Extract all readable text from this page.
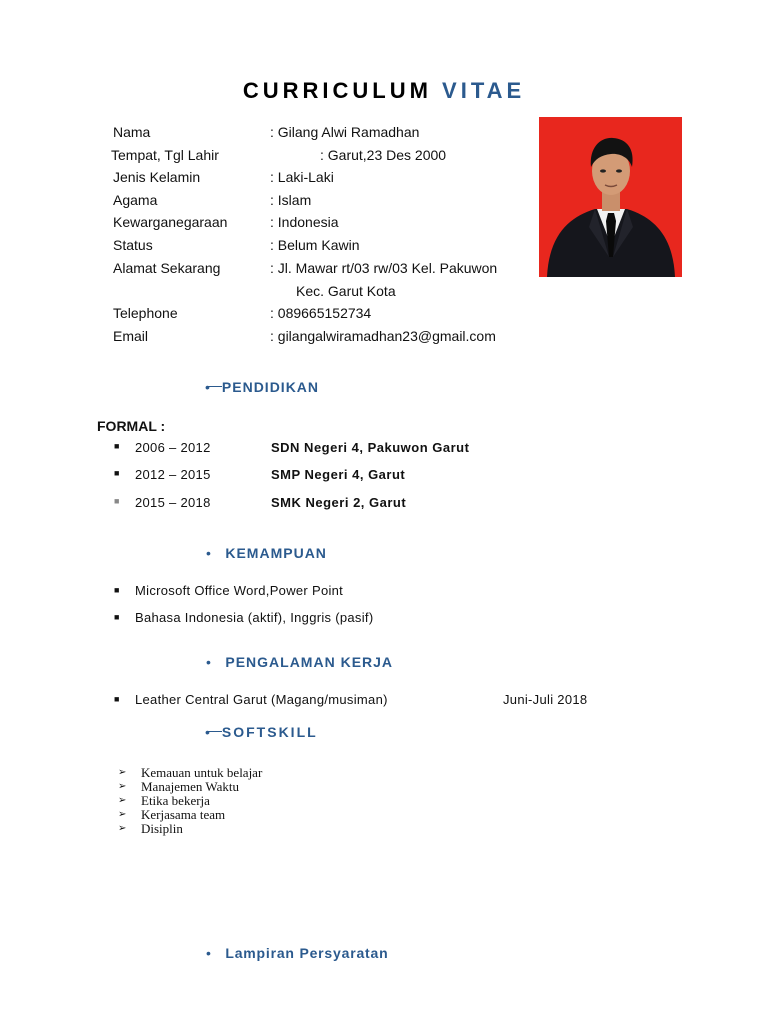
CURRICULUM VITAE
Nama	: Gilang Alwi Ramadhan
Tempat, Tgl Lahir	: Garut,23 Des 2000
Jenis Kelamin	: Laki-Laki
Agama	: Islam
Kewarganegaraan	: Indonesia
Status	: Belum Kawin
Alamat Sekarang	: Jl. Mawar rt/03 rw/03 Kel. Pakuwon
Kec. Garut Kota
Telephone	: 089665152734
Email	: gilangalwiramadhan23@gmail.com
• PENDIDIKAN
FORMAL :
■ 2006 – 2012	SDN Negeri 4, Pakuwon Garut
■ 2012 – 2015	SMP Negeri 4, Garut
■ 2015 – 2018	SMK Negeri 2, Garut
• KEMAMPUAN
■ Microsoft Office Word,Power Point
■ Bahasa Indonesia (aktif), Inggris (pasif)
• PENGALAMAN KERJA
■ Leather Central Garut (Magang/musiman)	Juni-Juli 2018
• SOFTSKILL
➢ Kemauan untuk belajar
➢ Manajemen Waktu
➢ Etika bekerja
➢ Kerjasama team
➢ Disiplin
• Lampiran Persyaratan
